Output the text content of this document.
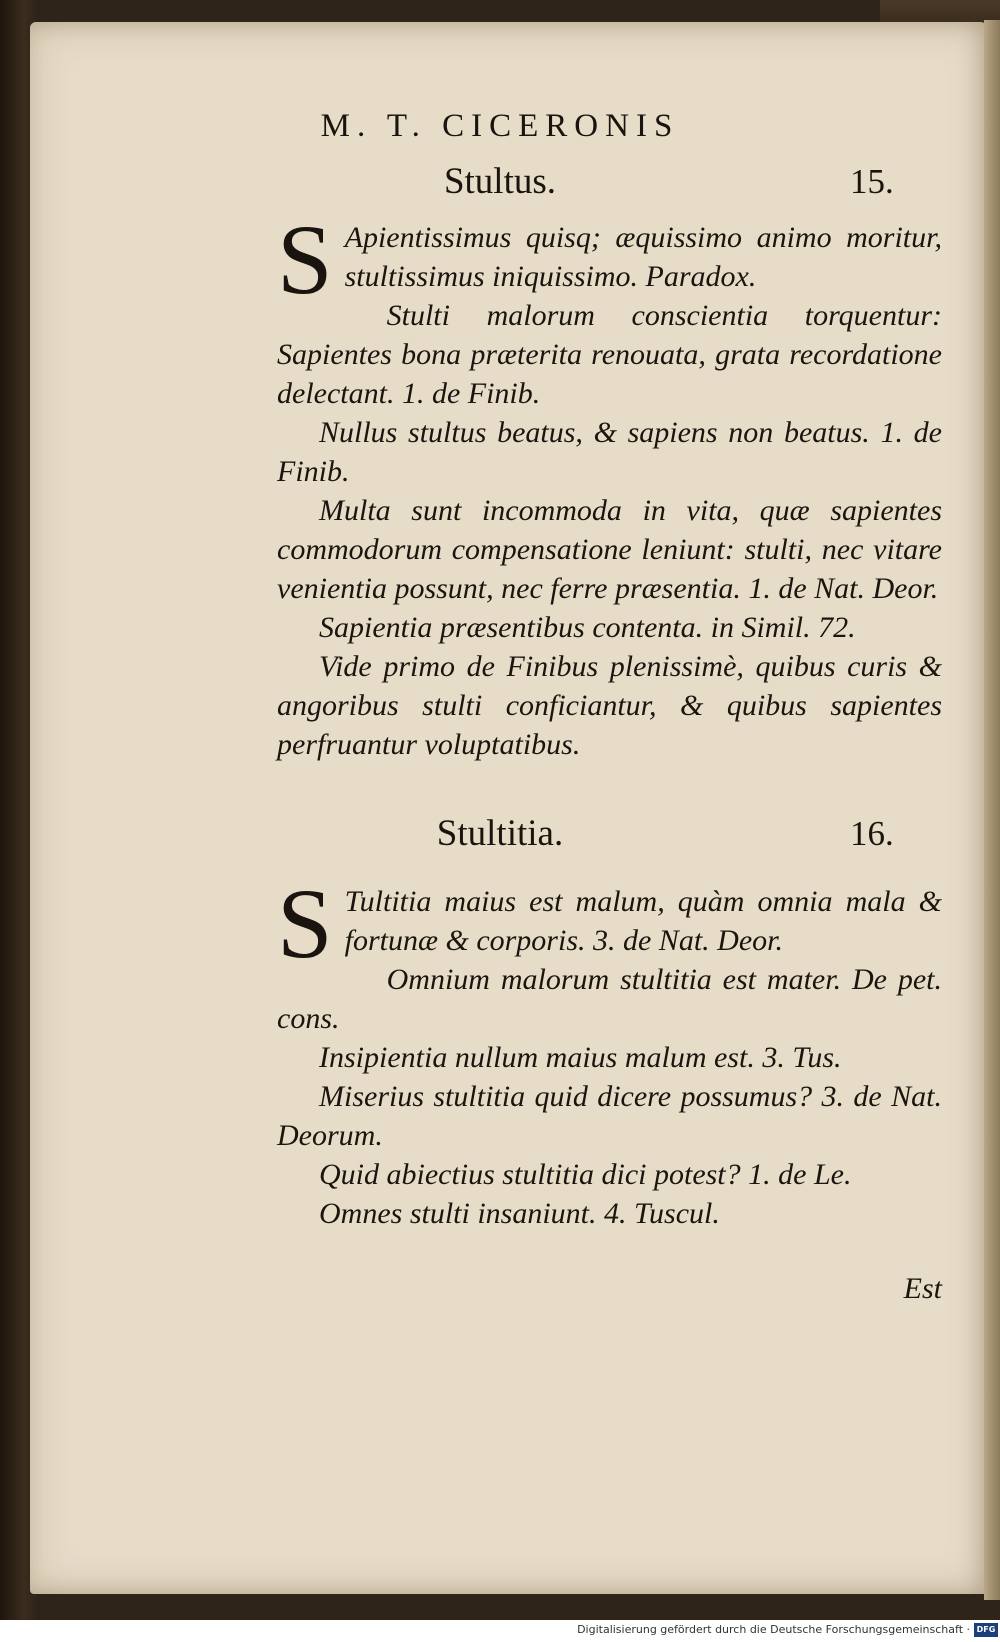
M. T. CICERONIS
Stultus.	15.

S Apientissimus quisq; æquissimo animo moritur, stultissimus iniquissimo. Paradox.

Stulti malorum conscientia torquentur: Sapientes bona præterita renouata, grata recordatione delectant. 1. de Finib.

Nullus stultus beatus, & sapiens non beatus. 1. de Finib.

Multa sunt incommoda in vita, quæ sapientes commodorum compensatione leniunt: stulti, nec vitare venientia possunt, nec ferre præsentia. 1. de Nat. Deor.

Sapientia præsentibus contenta. in Simil. 72.

Vide primo de Finibus plenissimè, quibus curis & angoribus stulti conficiantur, & quibus sapientes perfruantur voluptatibus.

Stultitia.	16.

S Tultitia maius est malum, quàm omnia mala & fortunæ & corporis. 3. de Nat. Deor.

Omnium malorum stultitia est mater. De pet. cons.

Insipientia nullum maius malum est. 3. Tus.

Miserius stultitia quid dicere possumus? 3. de Nat. Deorum.

Quid abiectius stultitia dici potest? 1. de Le.

Omnes stulti insaniunt. 4. Tuscul.

Est
Digitalisierung gefördert durch die Deutsche Forschungsgemeinschaft · DFG
